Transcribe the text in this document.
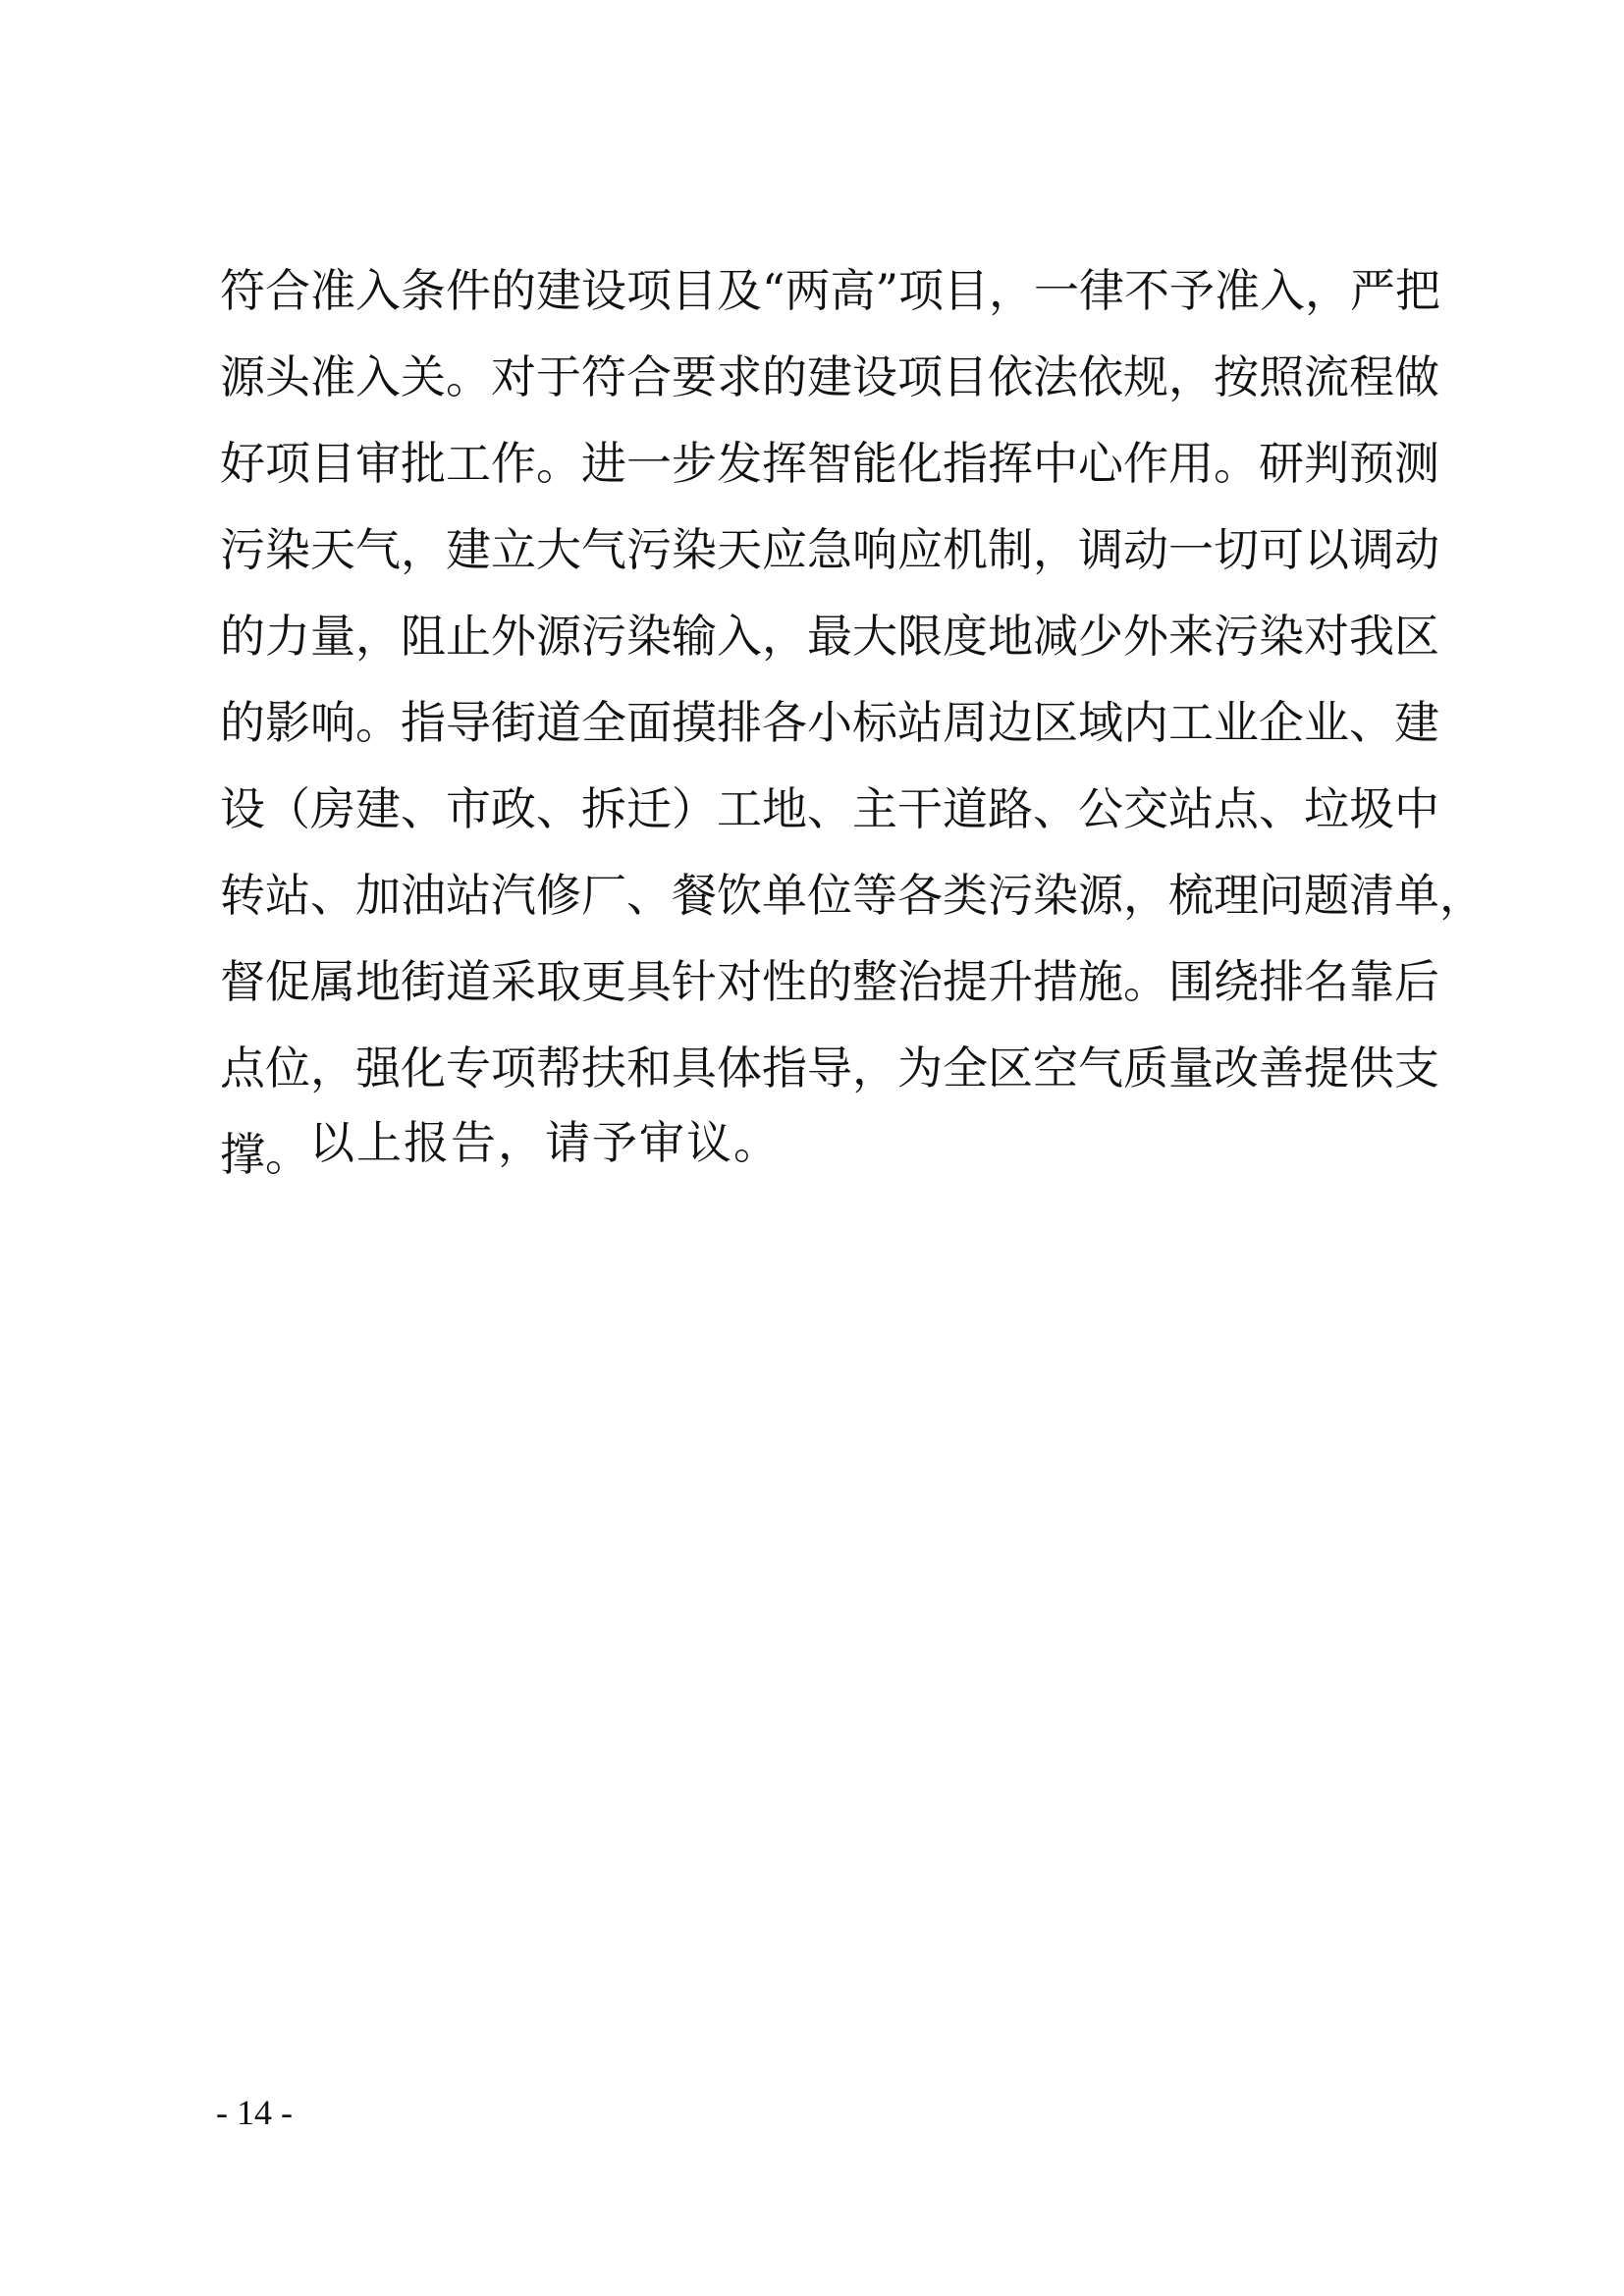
符合准入条件的建设项目及“两高”项目，一律不予准入，严把
源头准入关。对于符合要求的建设项目依法依规，按照流程做
好项目审批工作。进一步发挥智能化指挥中心作用。研判预测
污染天气，建立大气污染天应急响应机制，调动一切可以调动
的力量，阻止外源污染输入，最大限度地减少外来污染对我区
的影响。指导街道全面摸排各小标站周边区域内工业企业、建
设（房建、市政、拆迁）工地、主干道路、公交站点、垃圾中
转站、加油站汽修厂、餐饮单位等各类污染源，梳理问题清单，
督促属地街道采取更具针对性的整治提升措施。围绕排名靠后
点位，强化专项帮扶和具体指导，为全区空气质量改善提供支
撑。 以上报告，请予审议。
- 14 -
